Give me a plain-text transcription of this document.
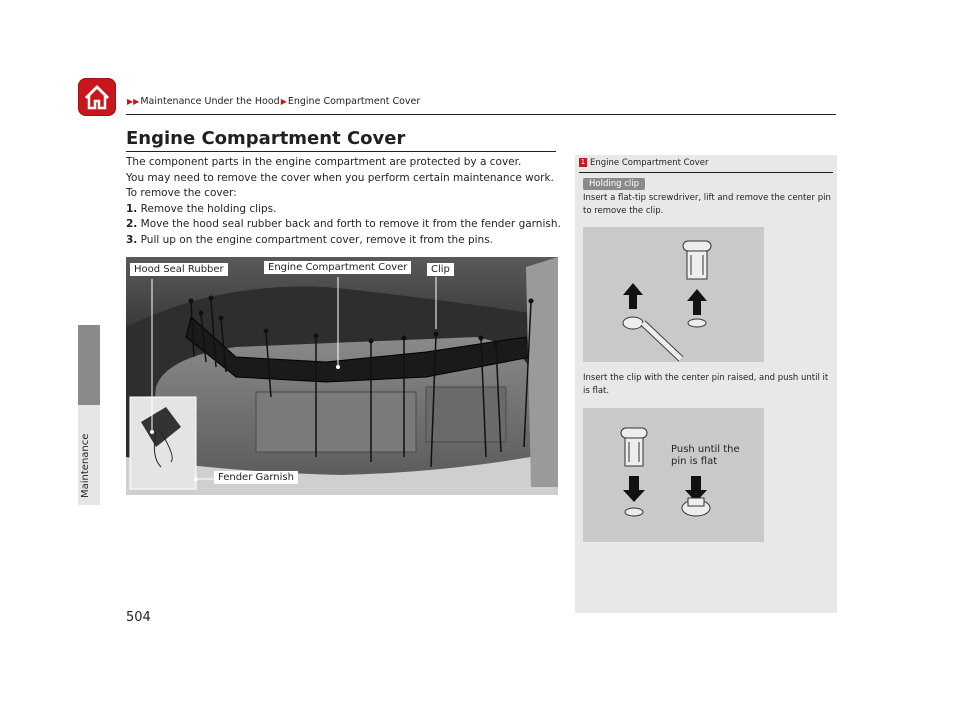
▶▶Maintenance Under the Hood▶Engine Compartment Cover
Engine Compartment Cover

The component parts in the engine compartment are protected by a cover.

You may need to remove the cover when you perform certain maintenance work.

To remove the cover:

1. Remove the holding clips.

2. Move the hood seal rubber back and forth to remove it from the fender garnish.

3. Pull up on the engine compartment cover, remove it from the pins.

Maintenance
Hood Seal Rubber	Engine Compartment Cover	Clip
Fender Garnish
504
1 Engine Compartment Cover
Holding clip
Insert a flat-tip screwdriver, lift and remove the center pin to remove the clip.
Insert the clip with the center pin raised, and push until it is flat.
Push until the
pin is flat
